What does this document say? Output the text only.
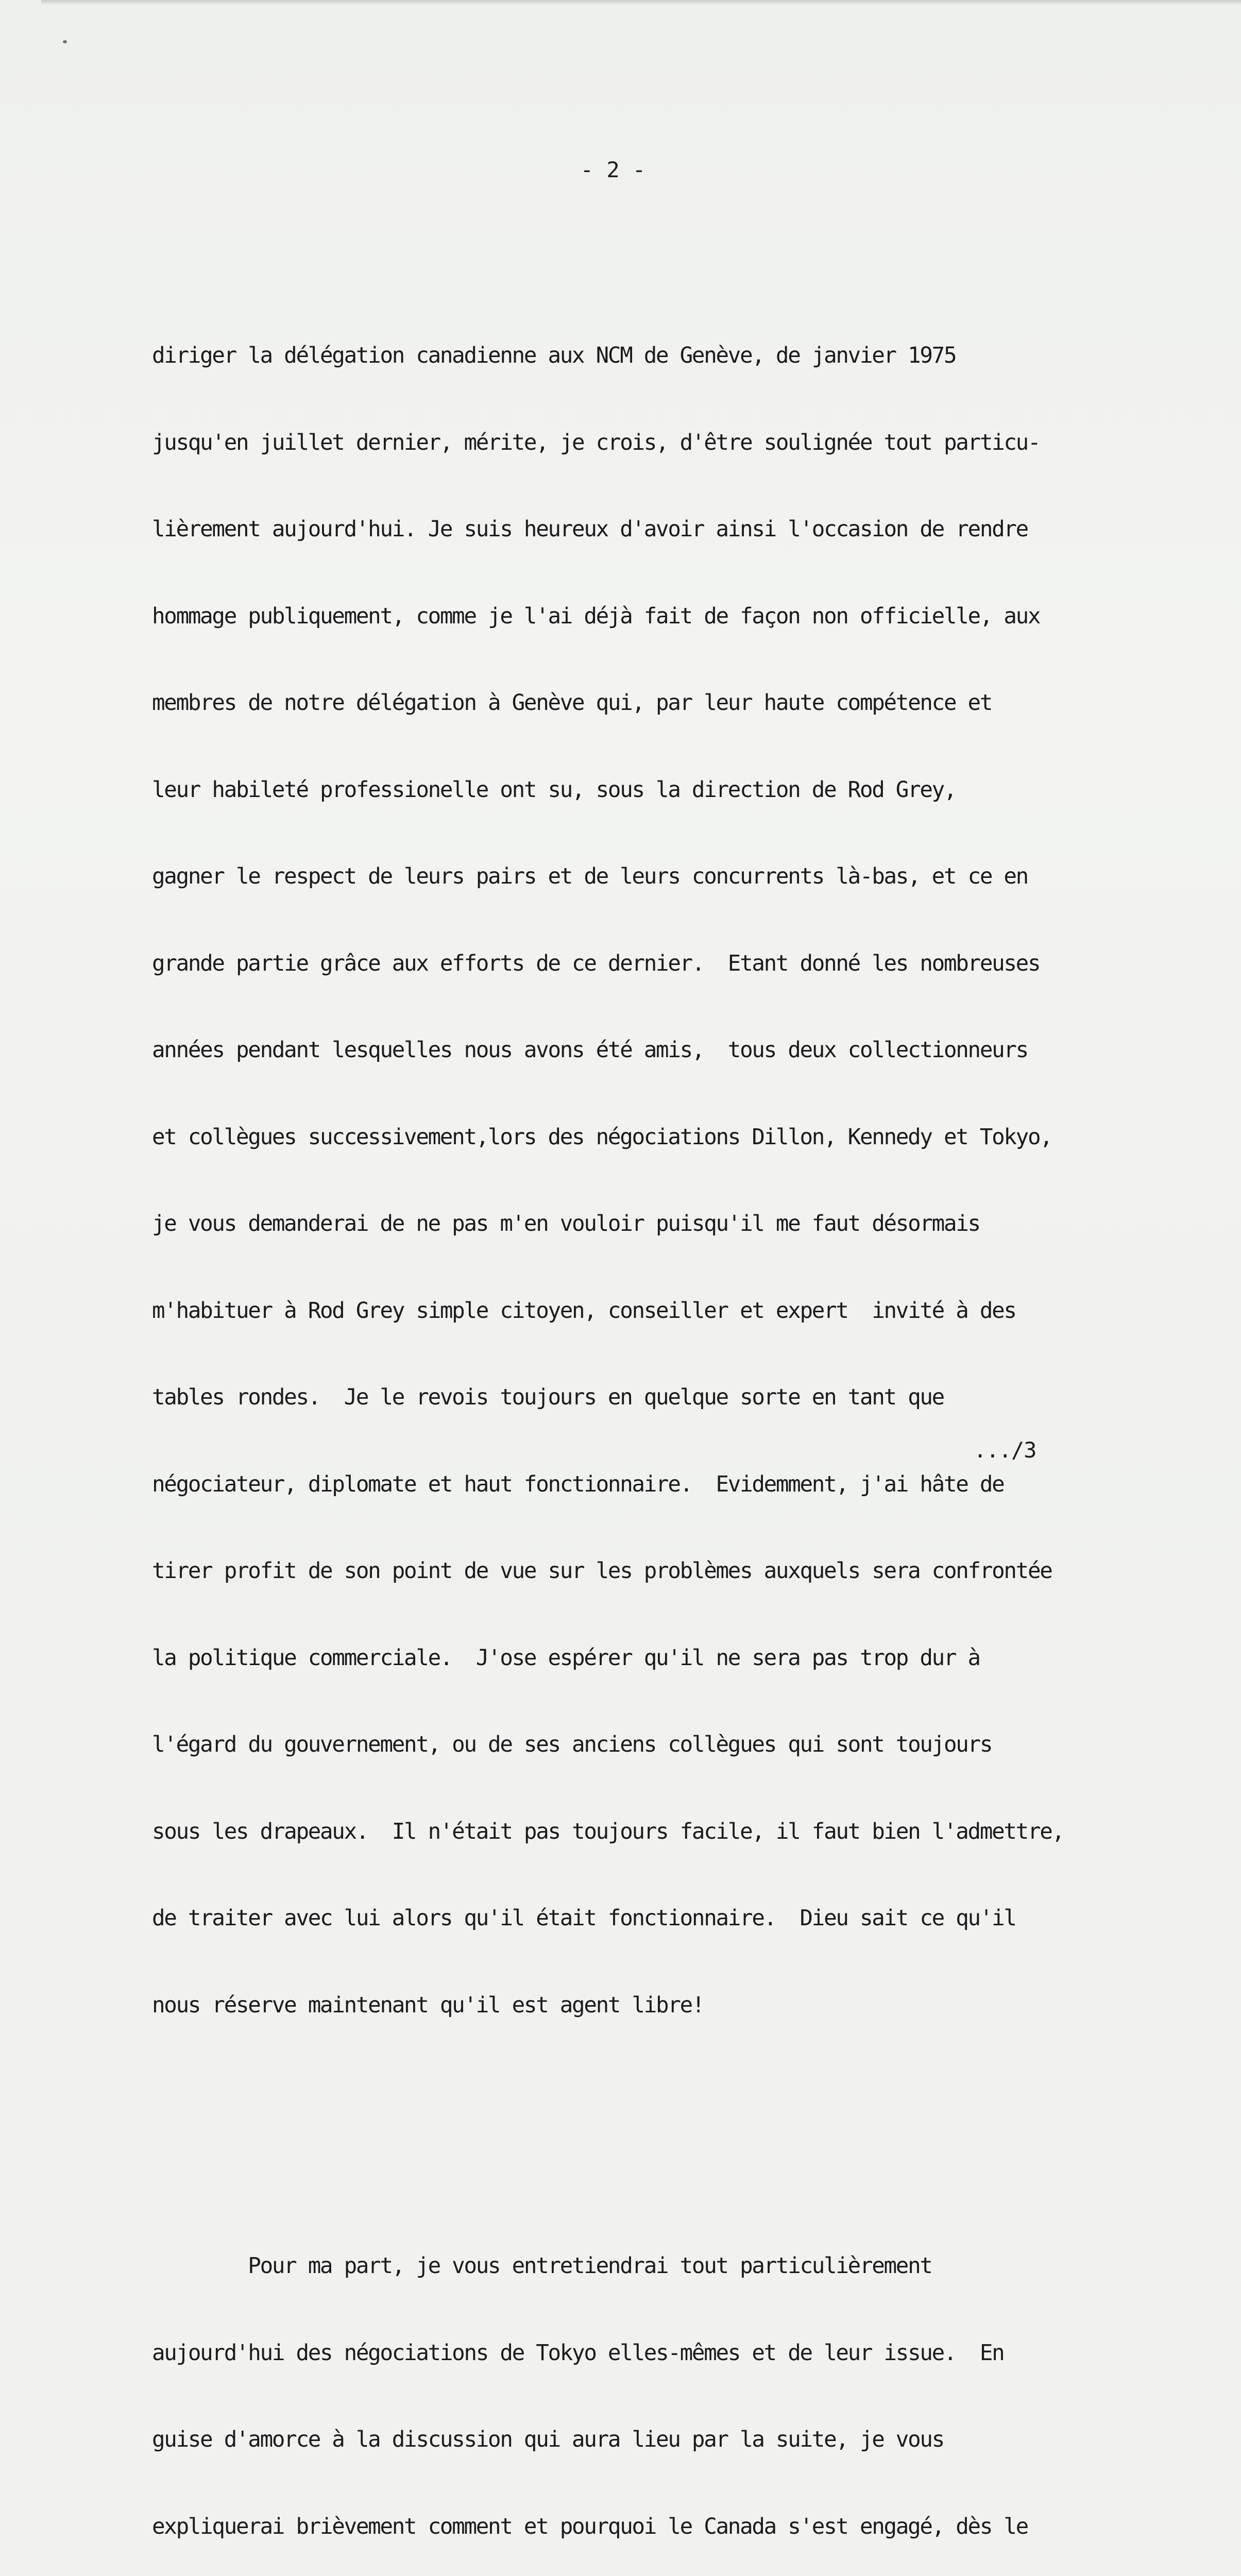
- 2 -

diriger la délégation canadienne aux NCM de Genève, de janvier 1975

jusqu'en juillet dernier, mérite, je crois, d'être soulignée tout particu-

lièrement aujourd'hui. Je suis heureux d'avoir ainsi l'occasion de rendre

hommage publiquement, comme je l'ai déjà fait de façon non officielle, aux

membres de notre délégation à Genève qui, par leur haute compétence et

leur habileté professionelle ont su, sous la direction de Rod Grey,

gagner le respect de leurs pairs et de leurs concurrents là-bas, et ce en

grande partie grâce aux efforts de ce dernier.  Etant donné les nombreuses

années pendant lesquelles nous avons été amis,  tous deux collectionneurs

et collègues successivement,lors des négociations Dillon, Kennedy et Tokyo,

je vous demanderai de ne pas m'en vouloir puisqu'il me faut désormais

m'habituer à Rod Grey simple citoyen, conseiller et expert  invité à des

tables rondes.  Je le revois toujours en quelque sorte en tant que

négociateur, diplomate et haut fonctionnaire.  Evidemment, j'ai hâte de

tirer profit de son point de vue sur les problèmes auxquels sera confrontée

la politique commerciale.  J'ose espérer qu'il ne sera pas trop dur à

l'égard du gouvernement, ou de ses anciens collègues qui sont toujours

sous les drapeaux.  Il n'était pas toujours facile, il faut bien l'admettre,

de traiter avec lui alors qu'il était fonctionnaire.  Dieu sait ce qu'il

nous réserve maintenant qu'il est agent libre!

Pour ma part, je vous entretiendrai tout particulièrement

aujourd'hui des négociations de Tokyo elles-mêmes et de leur issue.  En

guise d'amorce à la discussion qui aura lieu par la suite, je vous

expliquerai brièvement comment et pourquoi le Canada s'est engagé, dès le

.../3
